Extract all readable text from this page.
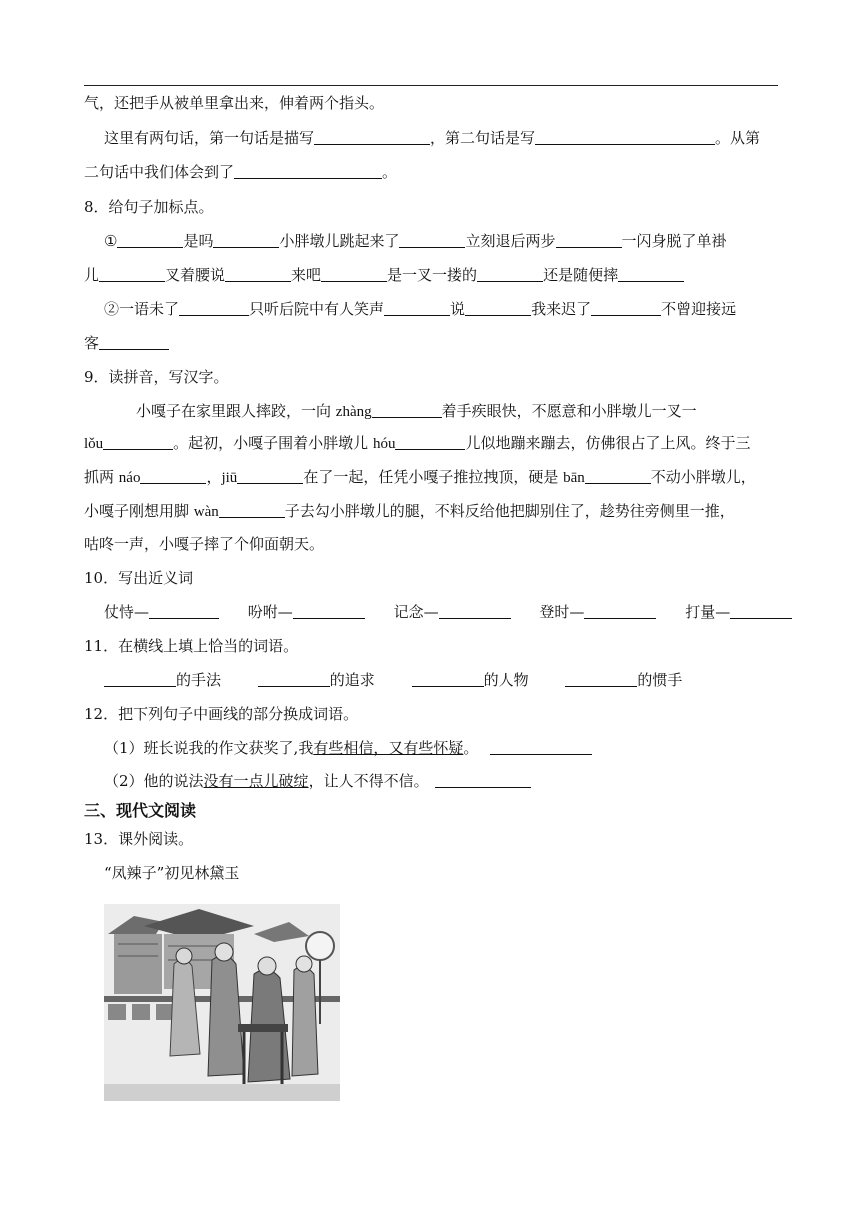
气，还把手从被单里拿出来，伸着两个指头。
这里有两句话，第一句话是描写	，第二句话是写	。从第
二句话中我们体会到了	。
8．给句子加标点。
①	是吗	小胖墩儿跳起来了	立刻退后两步	一闪身脱了单褂
儿	叉着腰说	来吧	是一叉一搂的	还是随便摔
②一语未了	只听后院中有人笑声	说	我来迟了	不曾迎接远
客
9．读拼音，写汉字。
小嘎子在家里跟人摔跤，一向 zhàng	着手疾眼快，不愿意和小胖墩儿一叉一
lǒu	。起初，小嘎子围着小胖墩儿 hóu	儿似地蹦来蹦去，仿佛很占了上风。终于三
抓两 náo	，jiū	在了一起，任凭小嘎子推拉拽顶，硬是 bān	不动小胖墩儿，
小嘎子刚想用脚 wàn	子去勾小胖墩儿的腿，不料反给他把脚别住了，趁势往旁侧里一推，
咕咚一声，小嘎子摔了个仰面朝天。
10．写出近义词
仗恃—	吩咐—	记念—	登时—	打量—
11．在横线上填上恰当的词语。
的手法	的追求	的人物	的惯手
12．把下列句子中画线的部分换成词语。
（1）班长说我的作文获奖了,我有些相信，又有些怀疑。
（2）他的说法没有一点儿破绽，让人不得不信。
三、现代文阅读
13．课外阅读。
“凤辣子”初见林黛玉
